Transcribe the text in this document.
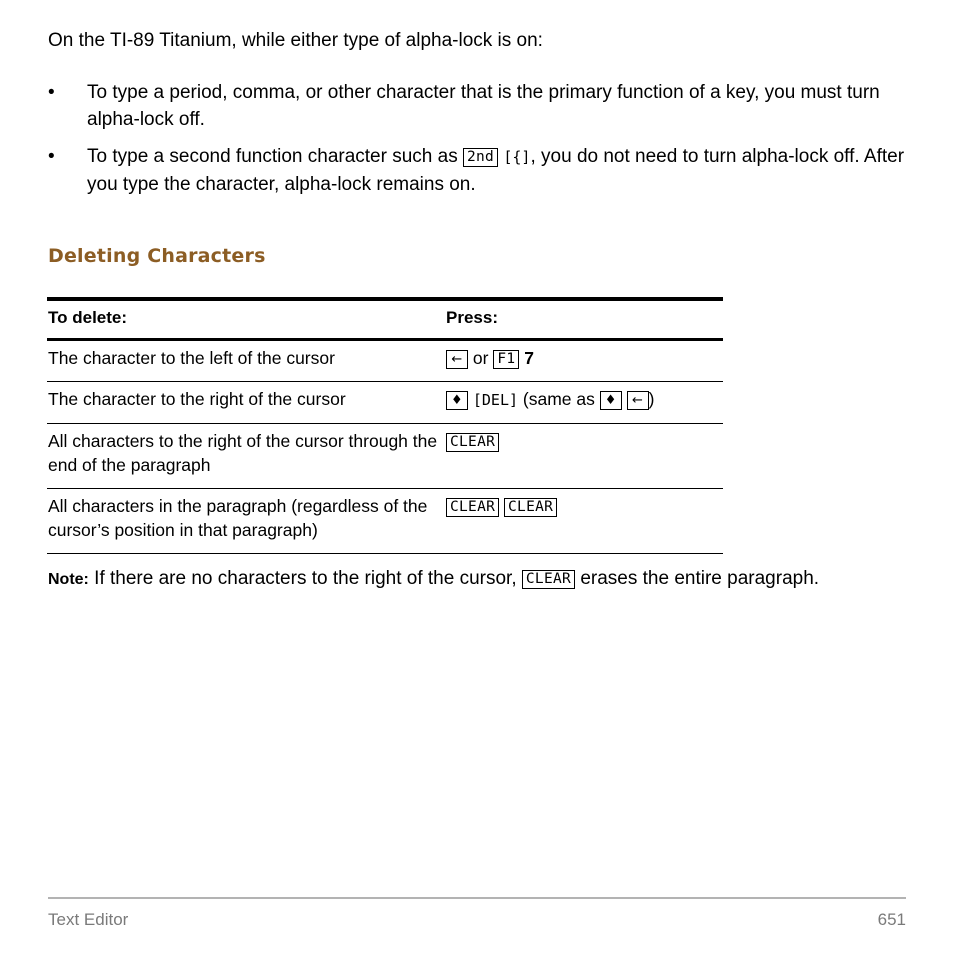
On the TI-89 Titanium, while either type of alpha-lock is on:
• To type a period, comma, or other character that is the primary function of a key, you must turn alpha-lock off.
• To type a second function character such as 2nd [{], you do not need to turn alpha-lock off. After you type the character, alpha-lock remains on.
Deleting Characters
To delete:	Press:
The character to the left of the cursor	← or F1 7
The character to the right of the cursor	♦ [DEL] (same as ♦ ← )
All characters to the right of the cursor through the end of the paragraph	CLEAR
All characters in the paragraph (regardless of the cursor’s position in that paragraph)	CLEAR CLEAR
Note: If there are no characters to the right of the cursor, CLEAR erases the entire paragraph.
Text Editor	651
